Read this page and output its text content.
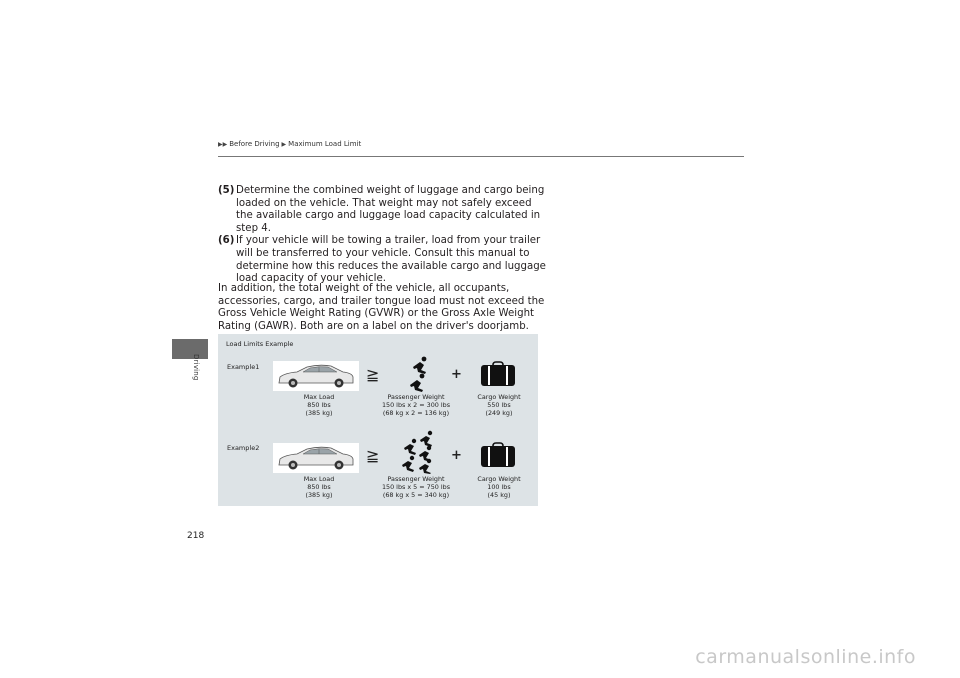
▶▶ Before Driving ▶ Maximum Load Limit
Driving

(5) Determine the combined weight of luggage and cargo being loaded on the vehicle. That weight may not safely exceed the available cargo and luggage load capacity calculated in step 4.

(6) If your vehicle will be towing a trailer, load from your trailer will be transferred to your vehicle. Consult this manual to determine how this reduces the available cargo and luggage load capacity of your vehicle.

In addition, the total weight of the vehicle, all occupants, accessories, cargo, and trailer tongue load must not exceed the Gross Vehicle Weight Rating (GVWR) or the Gross Axle Weight Rating (GAWR). Both are on a label on the driver's doorjamb.

Load Limits Example
Example1	≧	+
Max Load
850 lbs
(385 kg)
Passenger Weight
150 lbs x 2 = 300 lbs
(68 kg x 2 = 136 kg)
Cargo Weight
550 lbs
(249 kg)
Example2	≧	+
Max Load
850 lbs
(385 kg)
Passenger Weight
150 lbs x 5 = 750 lbs
(68 kg x 5 = 340 kg)
Cargo Weight
100 lbs
(45 kg)
218
carmanualsonline.info
